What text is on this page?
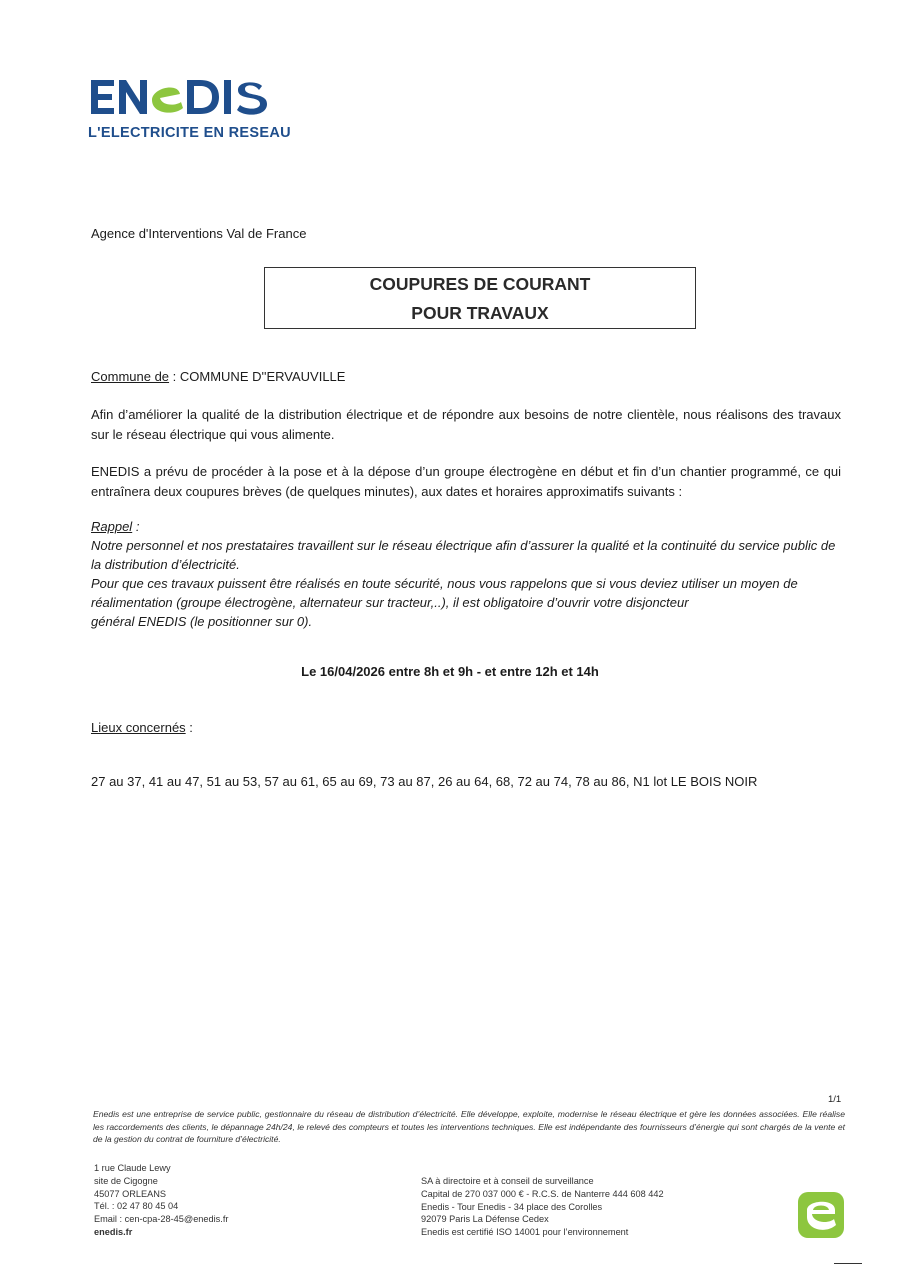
L'ELECTRICITE EN RESEAU
Agence d'Interventions Val de France
COUPURES DE COURANT
POUR TRAVAUX
Commune de : COMMUNE D''ERVAUVILLE
Afin d’améliorer la qualité de la distribution électrique et de répondre aux besoins de notre clientèle, nous réalisons des travaux sur le réseau électrique qui vous alimente.
ENEDIS a prévu de procéder à la pose et à la dépose d’un groupe électrogène en début et fin d’un chantier programmé, ce qui entraînera deux coupures brèves (de quelques minutes), aux dates et horaires approximatifs suivants :
Rappel :
Notre personnel et nos prestataires travaillent sur le réseau électrique afin d’assurer la qualité et la continuité du service public de la distribution d’électricité.
Pour que ces travaux puissent être réalisés en toute sécurité, nous vous rappelons que si vous deviez utiliser un moyen de réalimentation (groupe électrogène, alternateur sur tracteur,..), il est obligatoire d’ouvrir votre disjoncteur
général ENEDIS (le positionner sur 0).
Le 16/04/2026 entre 8h et 9h - et entre 12h et 14h
Lieux concernés :
27 au 37, 41 au 47, 51 au 53, 57 au 61, 65 au 69, 73 au 87, 26 au 64, 68, 72 au 74, 78 au 86, N1 lot LE BOIS NOIR
1/1
Enedis est une entreprise de service public, gestionnaire du réseau de distribution d’électricité. Elle développe, exploite, modernise le réseau électrique et gère les données associées. Elle réalise les raccordements des clients, le dépannage 24h/24, le relevé des compteurs et toutes les interventions techniques. Elle est indépendante des fournisseurs d’énergie qui sont chargés de la vente et de la gestion du contrat de fourniture d’électricité.
1 rue Claude Lewy
site de Cigogne
45077 ORLEANS
Tél. : 02 47 80 45 04
Email : cen-cpa-28-45@enedis.fr
enedis.fr
SA à directoire et à conseil de surveillance
Capital de 270 037 000 € - R.C.S. de Nanterre 444 608 442
Enedis - Tour Enedis - 34 place des Corolles
92079 Paris La Défense Cedex
Enedis est certifié ISO 14001 pour l’environnement
